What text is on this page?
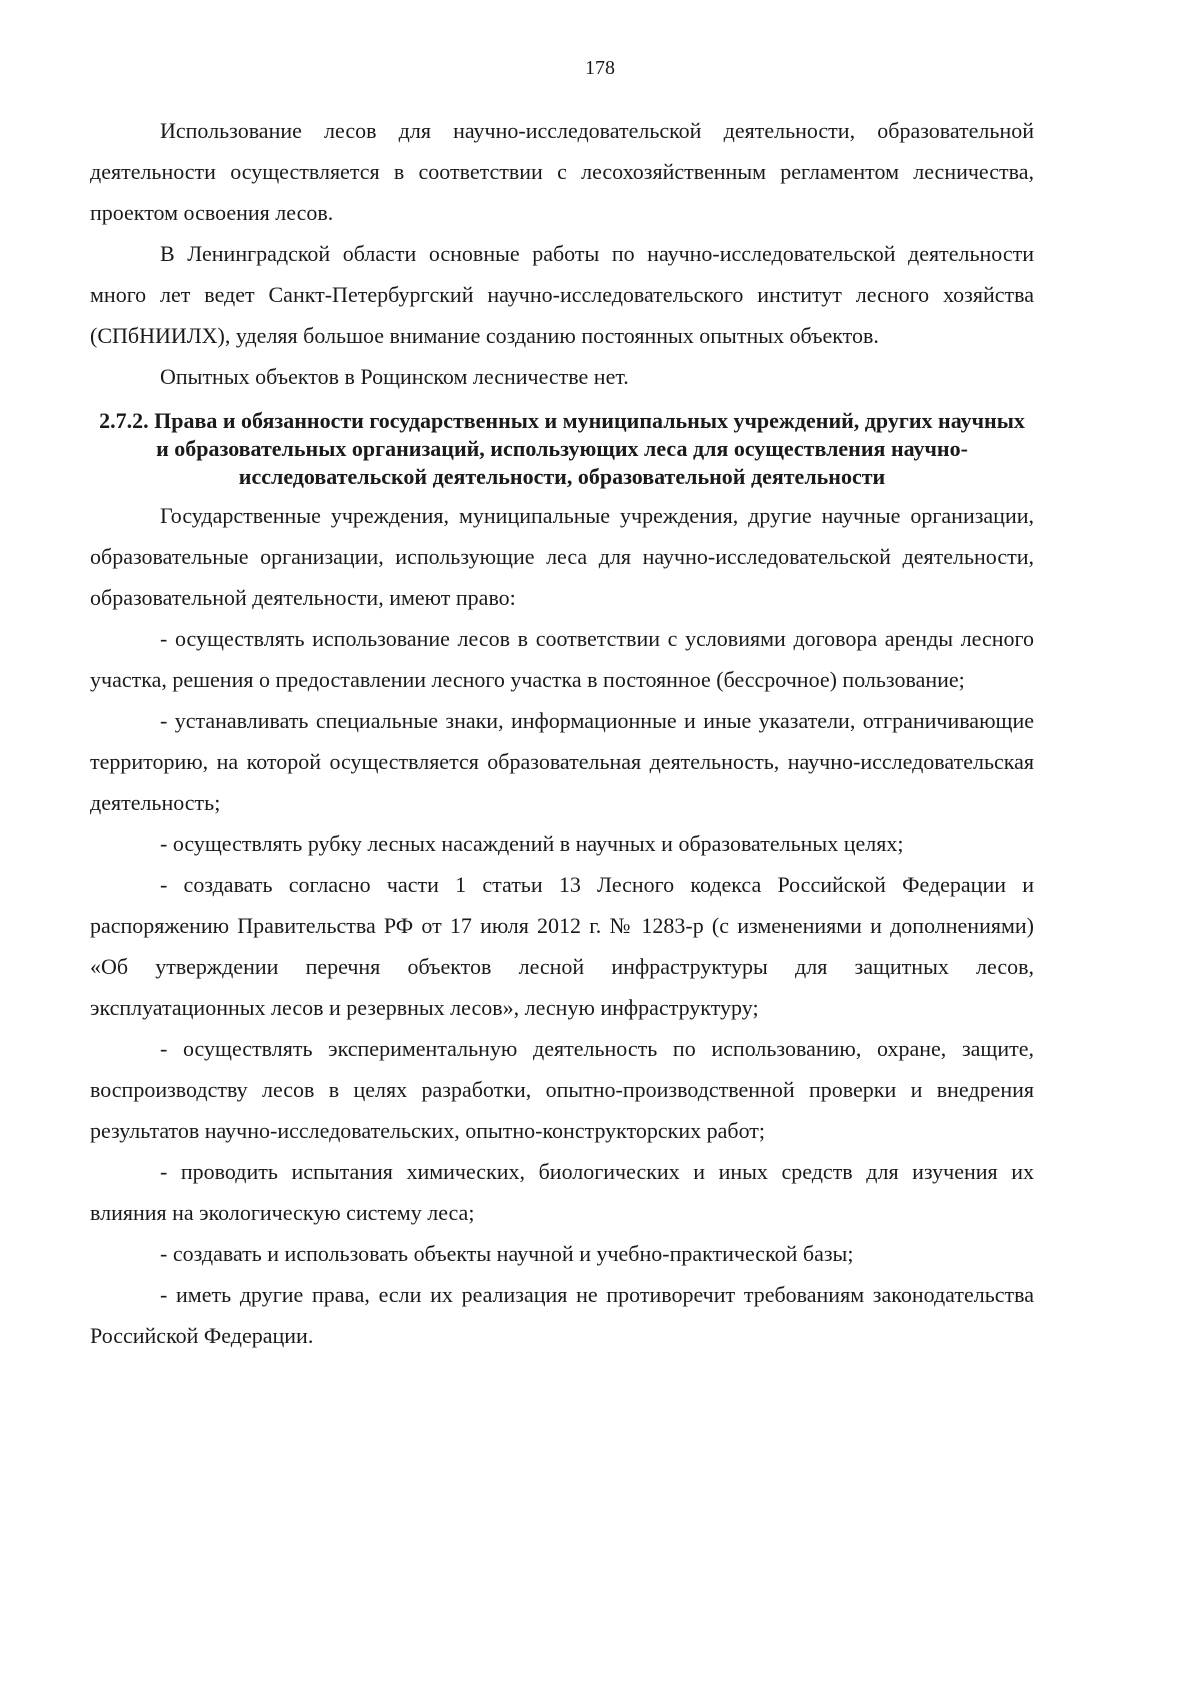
178

Использование лесов для научно-исследовательской деятельности, образовательной деятельности осуществляется в соответствии с лесохозяйственным регламентом лесничества, проектом освоения лесов.

В Ленинградской области основные работы по научно-исследовательской деятельности много лет ведет Санкт-Петербургский научно-исследовательского институт лесного хозяйства (СПбНИИЛХ), уделяя большое внимание созданию постоянных опытных объектов.

Опытных объектов в Рощинском лесничестве нет.

2.7.2. Права и обязанности государственных и муниципальных учреждений, других научных и образовательных организаций, использующих леса для осуществления научно-исследовательской деятельности, образовательной деятельности

Государственные учреждения, муниципальные учреждения, другие научные организации, образовательные организации, использующие леса для научно-исследовательской деятельности, образовательной деятельности, имеют право:

- осуществлять использование лесов в соответствии с условиями договора аренды лесного участка, решения о предоставлении лесного участка в постоянное (бессрочное) пользование;

- устанавливать специальные знаки, информационные и иные указатели, отграничивающие территорию, на которой осуществляется образовательная деятельность, научно-исследовательская деятельность;

- осуществлять рубку лесных насаждений в научных и образовательных целях;

- создавать согласно части 1 статьи 13 Лесного кодекса Российской Федерации и распоряжению Правительства РФ от 17 июля 2012 г. № 1283-р (с изменениями и дополнениями) «Об утверждении перечня объектов лесной инфраструктуры для защитных лесов, эксплуатационных лесов и резервных лесов», лесную инфраструктуру;

- осуществлять экспериментальную деятельность по использованию, охране, защите, воспроизводству лесов в целях разработки, опытно-производственной проверки и внедрения результатов научно-исследовательских, опытно-конструкторских работ;

- проводить испытания химических, биологических и иных средств для изучения их влияния на экологическую систему леса;

- создавать и использовать объекты научной и учебно-практической базы;

- иметь другие права, если их реализация не противоречит требованиям законодательства Российской Федерации.
